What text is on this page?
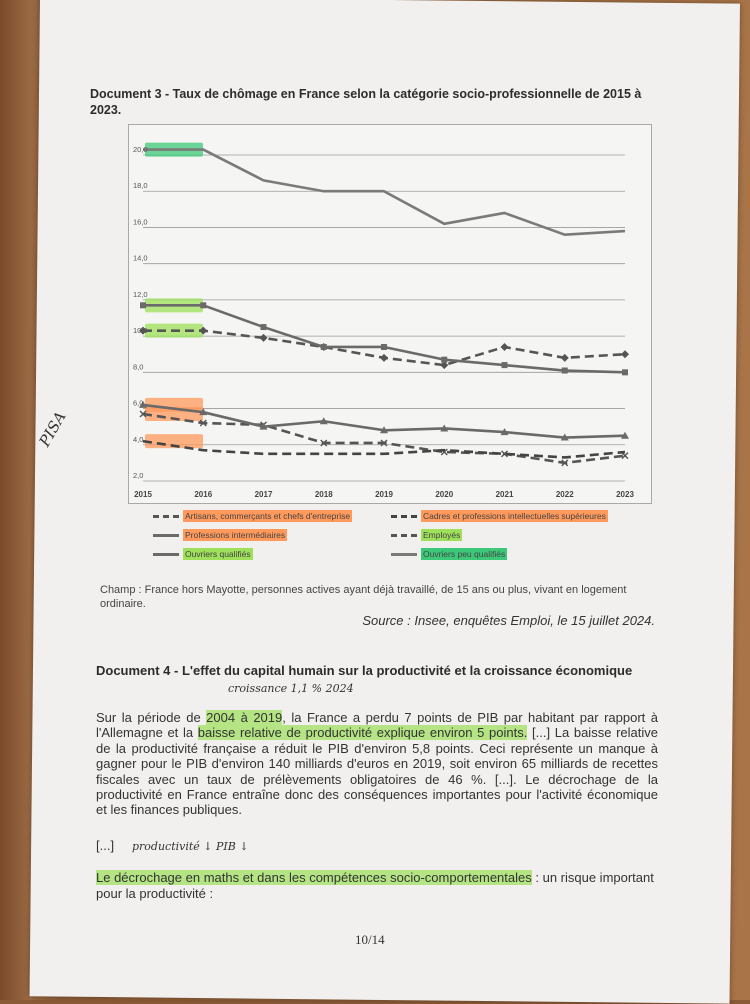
Document 3 - Taux de chômage en France selon la catégorie socio-professionnelle de 2015 à 2023.
PISA
2,0
4,0
6,0
8,0
10,0
12,0
14,0
16,0
18,0
20,0
2015	2016	2017	2018	2019	2020	2021	2022	2023
Artisans, commerçants et chefs d'entreprise	Cadres et professions intellectuelles supérieures
Professions intermédiaires	Employés
Ouvriers qualifiés	Ouvriers peu qualifiés
Champ : France hors Mayotte, personnes actives ayant déjà travaillé, de 15 ans ou plus, vivant en logement ordinaire.
Source : Insee, enquêtes Emploi, le 15 juillet 2024.
Document 4 - L'effet du capital humain sur la productivité et la croissance économique
croissance 1,1 % 2024
Sur la période de 2004 à 2019, la France a perdu 7 points de PIB par habitant par rapport à l'Allemagne et la baisse relative de productivité explique environ 5 points. [...] La baisse relative de la productivité française a réduit le PIB d'environ 5,8 points. Ceci représente un manque à gagner pour le PIB d'environ 140 milliards d'euros en 2019, soit environ 65 milliards de recettes fiscales avec un taux de prélèvements obligatoires de 46 %. [...]. Le décrochage de la productivité en France entraîne donc des conséquences importantes pour l'activité économique et les finances publiques.
[...] productivité ↓ PIB ↓
Le décrochage en maths et dans les compétences socio-comportementales : un risque important pour la productivité :
10/14
